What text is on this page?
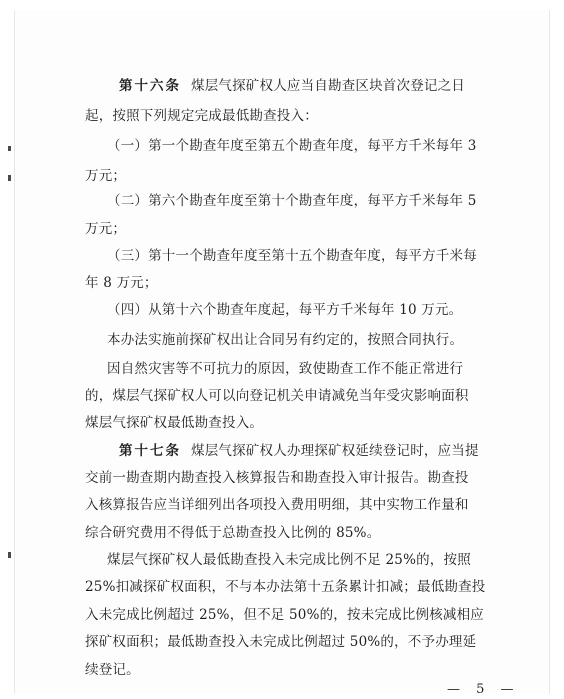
第十六条 煤层气探矿权人应当自勘查区块首次登记之日
起，按照下列规定完成最低勘查投入：
（一）第一个勘查年度至第五个勘查年度，每平方千米每年 3
万元；
（二）第六个勘查年度至第十个勘查年度，每平方千米每年 5
万元；
（三）第十一个勘查年度至第十五个勘查年度，每平方千米每
年 8 万元；
（四）从第十六个勘查年度起，每平方千米每年 10 万元。
本办法实施前探矿权出让合同另有约定的，按照合同执行。
因自然灾害等不可抗力的原因，致使勘查工作不能正常进行
的，煤层气探矿权人可以向登记机关申请减免当年受灾影响面积
煤层气探矿权最低勘查投入。
第十七条 煤层气探矿权人办理探矿权延续登记时，应当提
交前一勘查期内勘查投入核算报告和勘查投入审计报告。勘查投
入核算报告应当详细列出各项投入费用明细，其中实物工作量和
综合研究费用不得低于总勘查投入比例的 85%。
煤层气探矿权人最低勘查投入未完成比例不足 25%的，按照
25%扣减探矿权面积，不与本办法第十五条累计扣减；最低勘查投
入未完成比例超过 25%，但不足 50%的，按未完成比例核减相应
探矿权面积；最低勘查投入未完成比例超过 50%的，不予办理延
续登记。
— 5 —
